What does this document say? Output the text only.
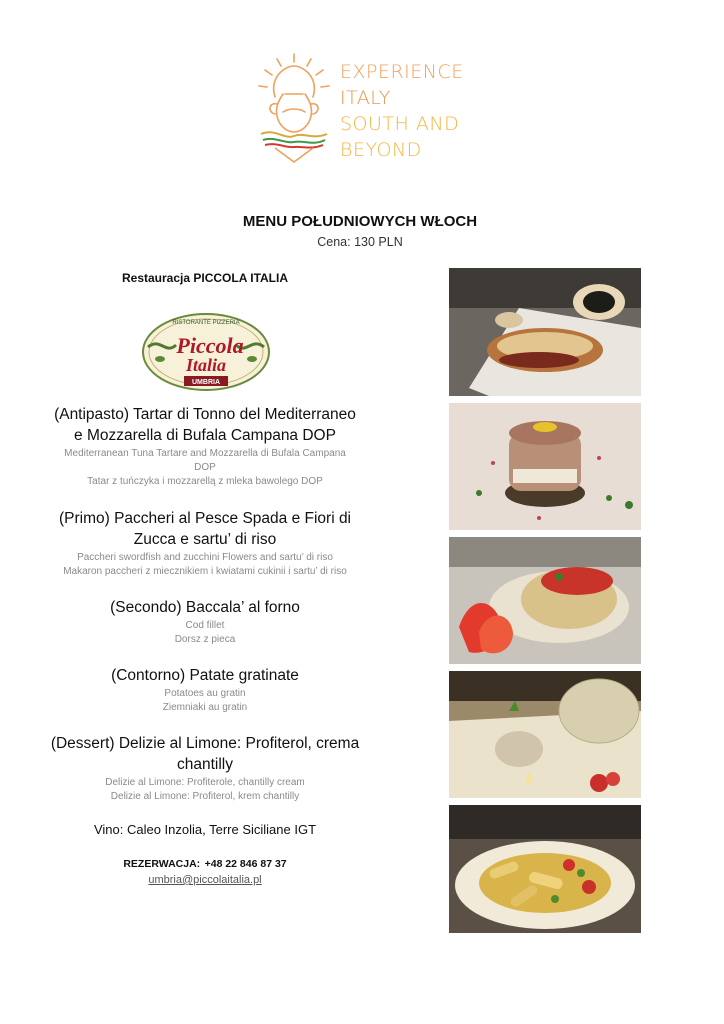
EXPERIENCE
ITALY
SOUTH AND
BEYOND
MENU POŁUDNIOWYCH WŁOCH
Cena: 130 PLN
Restauracja PICCOLA ITALIA
RISTORANTE PIZZERIA
Piccola
Italia
UMBRIA
(Antipasto) Tartar di Tonno del Mediterraneo
e Mozzarella di Bufala Campana DOP
Mediterranean Tuna Tartare and Mozzarella di Bufala Campana
DOP
Tatar z tuńczyka i mozzarellą z mleka bawolego DOP
(Primo) Paccheri al Pesce Spada e Fiori di
Zucca e sartu’ di riso
Paccheri swordfish and zucchini Flowers and sartu’ di riso
Makaron paccheri z miecznikiem i kwiatami cukinii i sartu’ di riso
(Secondo) Baccala’ al forno
Cod fillet
Dorsz z pieca
(Contorno) Patate gratinate
Potatoes au gratin
Ziemniaki au gratin
(Dessert) Delizie al Limone: Profiterol, crema
chantilly
Delizie al Limone: Profiterole, chantilly cream
Delizie al Limone: Profiterol, krem chantilly
Vino: Caleo Inzolia, Terre Siciliane IGT
REZERWACJA: +48 22 846 87 37
umbria@piccolaitalia.pl
